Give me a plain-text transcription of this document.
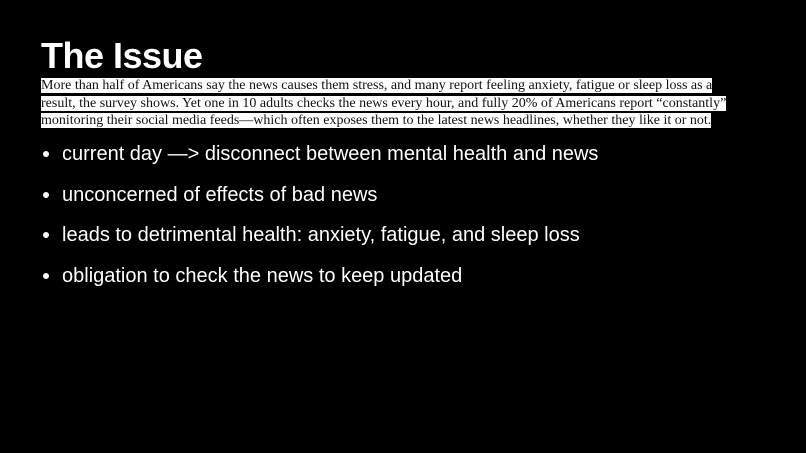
The Issue

More than half of Americans say the news causes them stress, and many report feeling anxiety, fatigue or sleep loss as a
result, the survey shows. Yet one in 10 adults checks the news every hour, and fully 20% of Americans report “constantly”
monitoring their social media feeds—which often exposes them to the latest news headlines, whether they like it or not.

current day —> disconnect between mental health and news
unconcerned of effects of bad news
leads to detrimental health: anxiety, fatigue, and sleep loss
obligation to check the news to keep updated
